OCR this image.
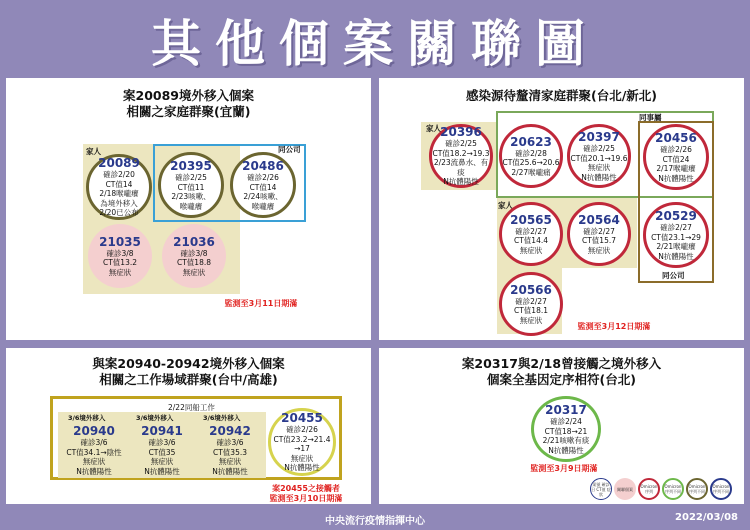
其他個案關聯圖
案20089境外移入個案
相關之家庭群聚(宜蘭)
家人	同公司
20089
確診2/20
CT值14
2/18喉嚨癢
為境外移入
2/20已公布
20395
確診2/25
CT值11
2/23咳嗽、
喉嚨癢
20486
確診2/26
CT值14
2/24咳嗽、
喉嚨癢
21035
確診3/8
CT值13.2
無症狀
21036
確診3/8
CT值18.8
無症狀
監測至3月11日期滿
感染源待釐清家庭群聚(台北/新北)
家人
家人
同事屬
同公司
20396
確診2/25
CT值18.2→19.3
2/23流鼻水、有痰
N抗體陽性
20623
確診2/28
CT值25.6→20.6
2/27喉嚨痛
20397
確診2/25
CT值20.1→19.6
無症狀
N抗體陽性
20456
確診2/26
CT值24
2/17喉嚨癢
N抗體陽性
20565
確診2/27
CT值14.4
無症狀
20564
確診2/27
CT值15.7
無症狀
20529
確診2/27
CT值23.1→29
2/21喉嚨癢
N抗體陽性
20566
確診2/27
CT值18.1
無症狀
監測至3月12日期滿
與案20940-20942境外移入個案
相關之工作場域群聚(台中/高雄)
2/22同船工作
3/6境外移入	3/6境外移入	3/6境外移入
20940
確診3/6
CT值34.1→陰性
無症狀
N抗體陽性
20941
確診3/6
CT值35
無症狀
N抗體陽性
20942
確診3/6
CT值35.3
無症狀
N抗體陽性
20455
確診2/26
CT值23.2→21.4
→17
無症狀
N抗體陽性
案20455之接觸者
監測至3月10日期滿
案20317與2/18曾接觸之境外移入
個案全基因定序相符(台北)
20317
確診2/24
CT值18→21
2/21咳嗽有痰
N抗體陽性
監測至3月9日期滿
案號 確診日 CT值 症狀
關聯個案	Omicron 序列
Omicron 序列不同
Omicron 序列不同
Omicron 序列不同
中央流行疫情指揮中心	2022/03/08
